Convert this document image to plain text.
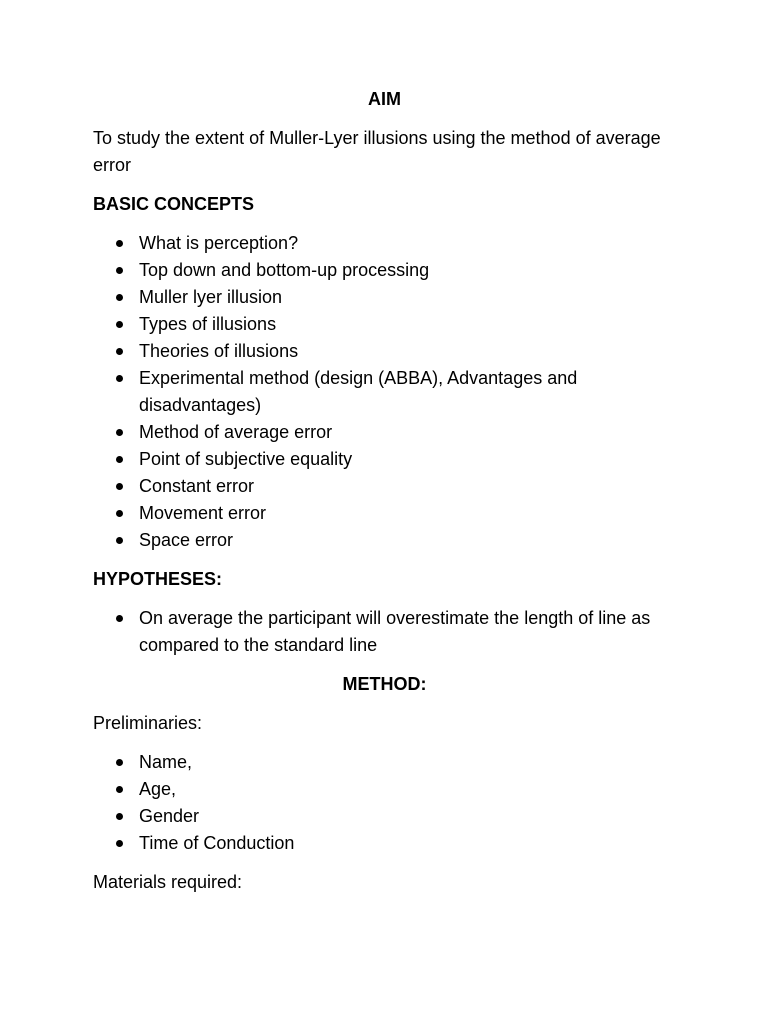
AIM
To study the extent of Muller-Lyer illusions using the method of average error
BASIC CONCEPTS
What is perception?
Top down and bottom-up processing
Muller lyer illusion
Types of illusions
Theories of illusions
Experimental method (design (ABBA), Advantages and disadvantages)
Method of average error
Point of subjective equality
Constant error
Movement error
Space error
HYPOTHESES:
On average the participant will overestimate the length of line as compared to the standard line
METHOD:
Preliminaries:
Name,
Age,
Gender
Time of Conduction
Materials required:
